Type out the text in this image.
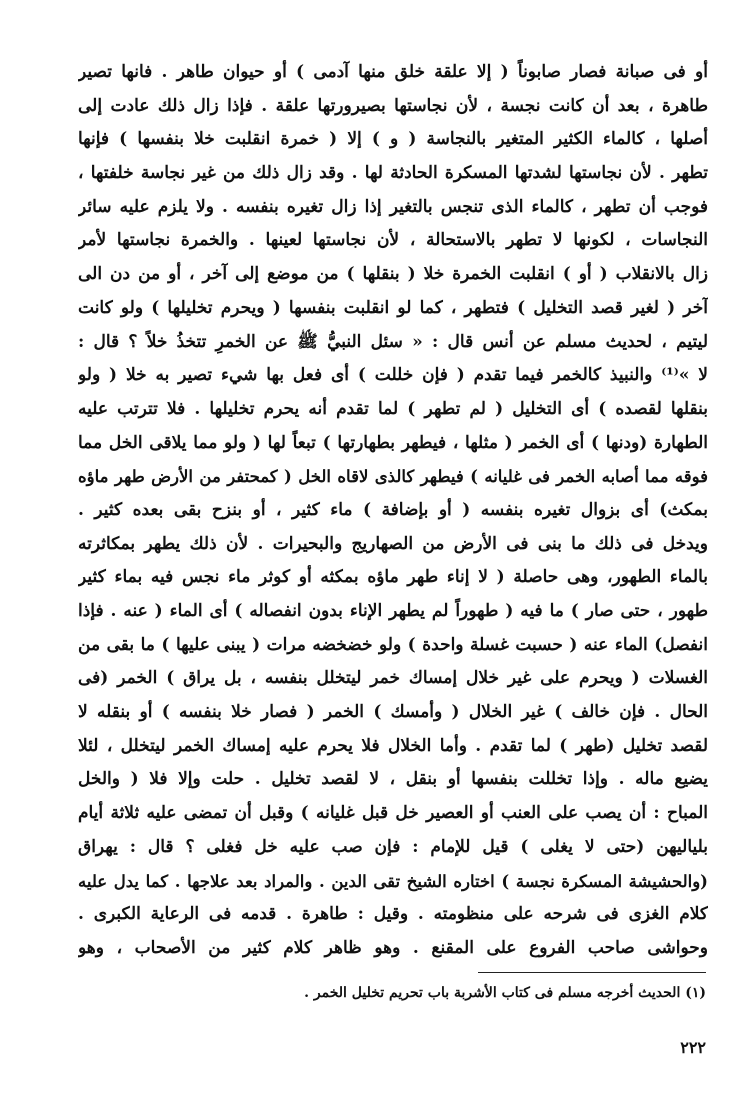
أو فى صبانة فصار صابوناً ( إلا علقة خلق منها آدمى ) أو حيوان طاهر . فانها تصير
طاهرة ، بعد أن كانت نجسة ، لأن نجاستها بصيرورتها علقة . فإذا زال ذلك عادت إلى
أصلها ، كالماء الكثير المتغير بالنجاسة ( و ) إلا ( خمرة انقلبت خلا بنفسها ) فإنها
تطهر . لأن نجاستها لشدتها المسكرة الحادثة لها . وقد زال ذلك من غير نجاسة خلفتها ،
فوجب أن تطهر ، كالماء الذى تنجس بالتغير إذا زال تغيره بنفسه . ولا يلزم عليه سائر
النجاسات ، لكونها لا تطهر بالاستحالة ، لأن نجاستها لعينها . والخمرة نجاستها لأمر
زال بالانقلاب ( أو ) انقلبت الخمرة خلا ( بنقلها ) من موضع إلى آخر ، أو من دن الى
آخر ( لغير قصد التخليل ) فتطهر ، كما لو انقلبت بنفسها ( ويحرم تخليلها ) ولو كانت
ليتيم ، لحديث مسلم عن أنس قال : « سئل النبيُّ ﷺ عن الخمرِ تتخذُ خلاً ؟ قال :
لا »⁽¹⁾ والنبيذ كالخمر فيما تقدم ( فإن خللت ) أى فعل بها شيء تصير به خلا ( ولو
بنقلها لقصده ) أى التخليل ( لم تطهر ) لما تقدم أنه يحرم تخليلها . فلا تترتب عليه
الطهارة (ودنها ) أى الخمر ( مثلها ، فيطهر بطهارتها ) تبعاً لها ( ولو مما يلاقى الخل مما
فوقه مما أصابه الخمر فى غليانه ) فيطهر كالذى لاقاه الخل ( كمحتفر من الأرض طهر ماؤه
بمكث) أى بزوال تغيره بنفسه ( أو بإضافة ) ماء كثير ، أو بنزح بقى بعده كثير .
ويدخل فى ذلك ما بنى فى الأرض من الصهاريج والبحيرات . لأن ذلك يطهر بمكاثرته
بالماء الطهور، وهى حاصلة ( لا إناء طهر ماؤه بمكثه أو كوثر ماء نجس فيه بماء كثير
طهور ، حتى صار ) ما فيه ( طهوراً لم يطهر الإناء بدون انفصاله ) أى الماء ( عنه . فإذا
انفصل) الماء عنه ( حسبت غسلة واحدة ) ولو خضخضه مرات ( يبنى عليها ) ما بقى من
الغسلات ( ويحرم على غير خلال إمساك خمر ليتخلل بنفسه ، بل يراق ) الخمر (فى
الحال . فإن خالف ) غير الخلال ( وأمسك ) الخمر ( فصار خلا بنفسه ) أو بنقله لا
لقصد تخليل (طهر ) لما تقدم . وأما الخلال فلا يحرم عليه إمساك الخمر ليتخلل ، لئلا
يضيع ماله . وإذا تخللت بنفسها أو بنقل ، لا لقصد تخليل . حلت وإلا فلا ( والخل
المباح : أن يصب على العنب أو العصير خل قبل غليانه ) وقبل أن تمضى عليه ثلاثة أيام
بلياليهن (حتى لا يغلى ) قيل للإمام : فإن صب عليه خل فغلى ؟ قال : يهراق
(والحشيشة المسكرة نجسة ) اختاره الشيخ تقى الدين . والمراد بعد علاجها . كما يدل عليه
كلام الغزى فى شرحه على منظومته . وقيل : طاهرة . قدمه فى الرعاية الكبرى .
وحواشى صاحب الفروع على المقنع . وهو ظاهر كلام كثير من الأصحاب ، وهو
(١) الحديث أخرجه مسلم فى كتاب الأشربة باب تحريم تخليل الخمر .
٢٢٢
